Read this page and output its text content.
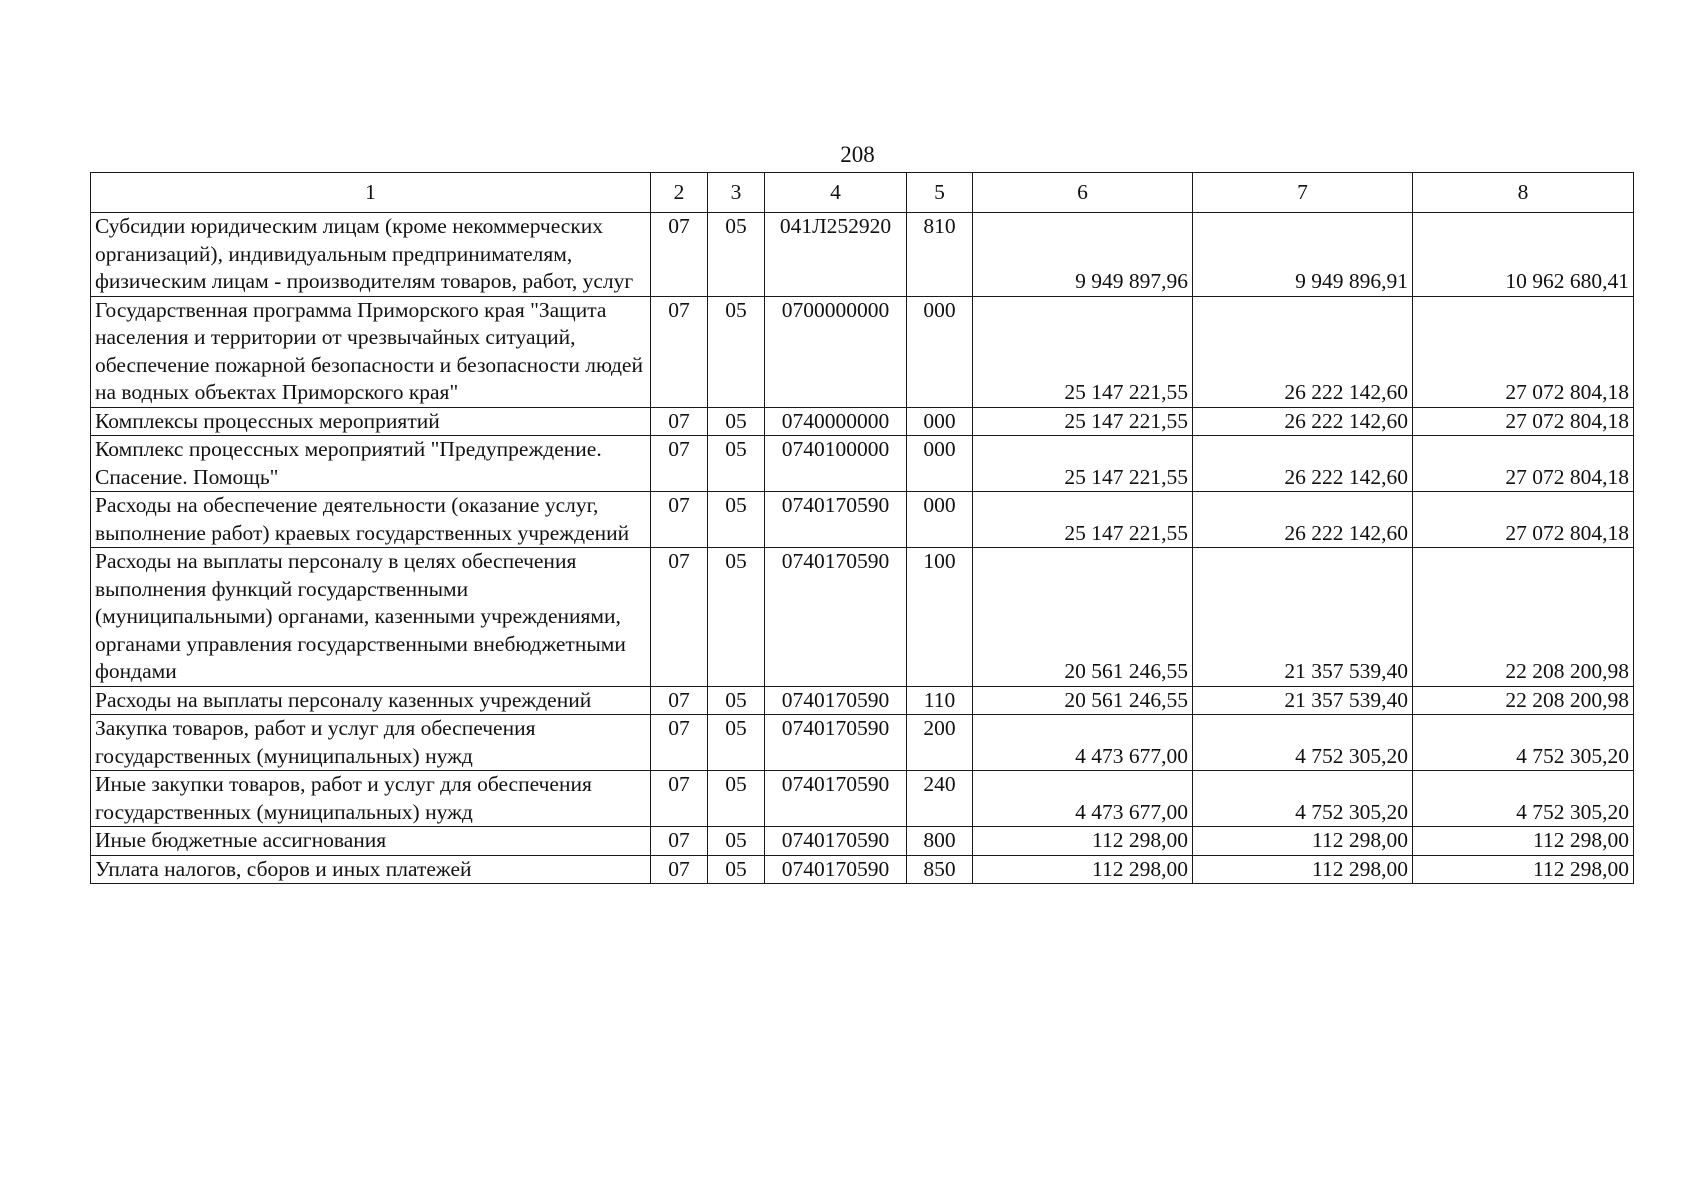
208
1	2	3	4	5	6	7	8
Субсидии юридическим лицам (кроме некоммерческих организаций), индивидуальным предпринимателям, физическим лицам - производителям товаров, работ, услуг	07	05	041Л252920	810	9 949 897,96	9 949 896,91	10 962 680,41
Государственная программа Приморского края "Защита населения и территории от чрезвычайных ситуаций, обеспечение пожарной безопасности и безопасности людей на водных объектах Приморского края"	07	05	0700000000	000	25 147 221,55	26 222 142,60	27 072 804,18
Комплексы процессных мероприятий	07	05	0740000000	000	25 147 221,55	26 222 142,60	27 072 804,18
Комплекс процессных мероприятий "Предупреждение. Спасение. Помощь"	07	05	0740100000	000	25 147 221,55	26 222 142,60	27 072 804,18
Расходы на обеспечение деятельности (оказание услуг, выполнение работ) краевых государственных учреждений	07	05	0740170590	000	25 147 221,55	26 222 142,60	27 072 804,18
Расходы на выплаты персоналу в целях обеспечения выполнения функций государственными (муниципальными) органами, казенными учреждениями, органами управления государственными внебюджетными фондами	07	05	0740170590	100	20 561 246,55	21 357 539,40	22 208 200,98
Расходы на выплаты персоналу казенных учреждений	07	05	0740170590	110	20 561 246,55	21 357 539,40	22 208 200,98
Закупка товаров, работ и услуг для обеспечения государственных (муниципальных) нужд	07	05	0740170590	200	4 473 677,00	4 752 305,20	4 752 305,20
Иные закупки товаров, работ и услуг для обеспечения государственных (муниципальных) нужд	07	05	0740170590	240	4 473 677,00	4 752 305,20	4 752 305,20
Иные бюджетные ассигнования	07	05	0740170590	800	112 298,00	112 298,00	112 298,00
Уплата налогов, сборов и иных платежей	07	05	0740170590	850	112 298,00	112 298,00	112 298,00
